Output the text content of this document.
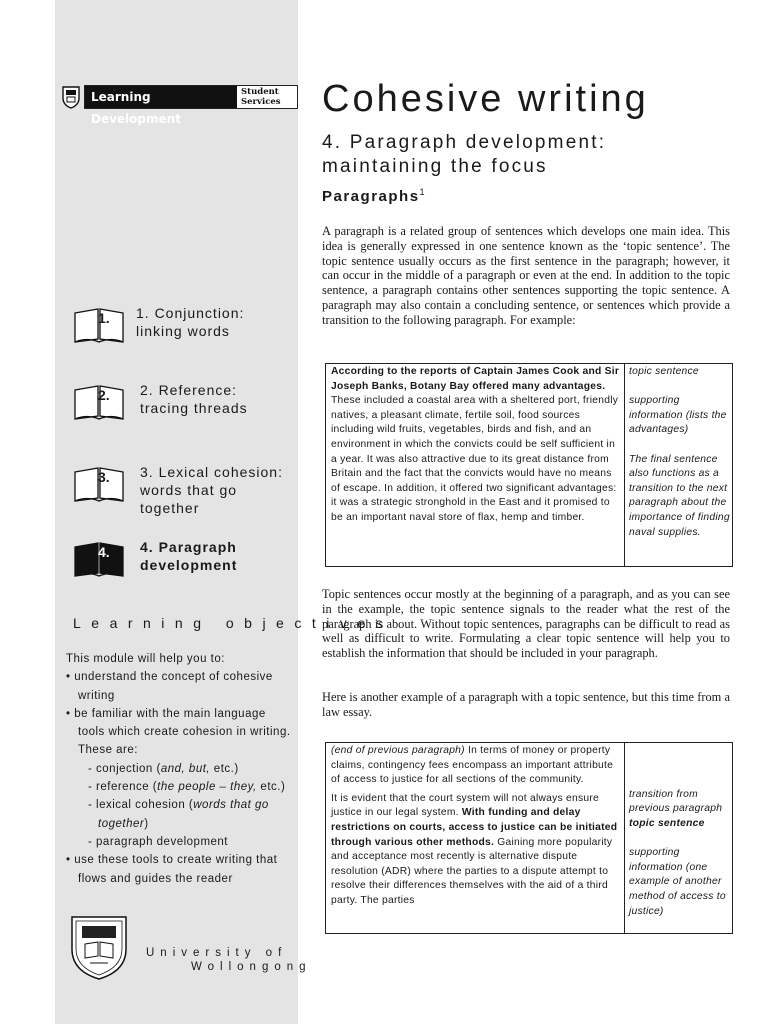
Learning Development
Student
Services
1. 1. Conjunction:
linking words
2. 2. Reference:
tracing threads
3. 3. Lexical cohesion:
words that go
together
4. 4. Paragraph
development
Learning objectives

This module will help you to:

• understand the concept of cohesive writing

• be familiar with the main language tools which create cohesion in writing. These are:

- conjection (and, but, etc.)

- reference (the people – they, etc.)

- lexical cohesion (words that go together)

- paragraph development

• use these tools to create writing that flows and guides the reader

University of
Wollongong
Cohesive writing
4. Paragraph development:
maintaining the focus
Paragraphs$^1$

A paragraph is a related group of sentences which develops one main idea. This idea is generally expressed in one sentence known as the ‘topic sentence’. The topic sentence usually occurs as the first sentence in the paragraph; however, it can occur in the middle of a paragraph or even at the end. In addition to the topic sentence, a paragraph contains other sentences supporting the topic sentence. A paragraph may also contain a concluding sentence, or sentences which provide a transition to the following paragraph. For example:

According to the reports of Captain James Cook and Sir Joseph Banks, Botany Bay offered many advantages. These included a coastal area with a sheltered port, friendly natives, a pleasant climate, fertile soil, food sources including wild fruits, vegetables, birds and fish, and an environment in which the convicts could be self sufficient in a year. It was also attractive due to its great distance from Britain and the fact that the convicts would have no means of escape. In addition, it offered two significant advantages: it was a strategic stronghold in the East and it promised to be an important naval store of flax, hemp and timber.

topic sentence

supporting information (lists the advantages)

The final sentence also functions as a transition to the next paragraph about the importance of finding naval supplies.

Topic sentences occur mostly at the beginning of a paragraph, and as you can see in the example, the topic sentence signals to the reader what the rest of the paragraph is about. Without topic sentences, paragraphs can be difficult to read as well as difficult to write. Formulating a clear topic sentence will help you to establish the information that should be included in your paragraph.

Here is another example of a paragraph with a topic sentence, but this time from a law essay.

(end of previous paragraph) In terms of money or property claims, contingency fees encompass an important attribute of access to justice for all sections of the community.

It is evident that the court system will not always ensure justice in our legal system. With funding and delay restrictions on courts, access to justice can be initiated through various other methods. Gaining more popularity and acceptance most recently is alternative dispute resolution (ADR) where the parties to a dispute attempt to resolve their differences themselves with the aid of a third party. The parties

transition from previous paragraph

topic sentence

supporting information (one example of another method of access to justice)
